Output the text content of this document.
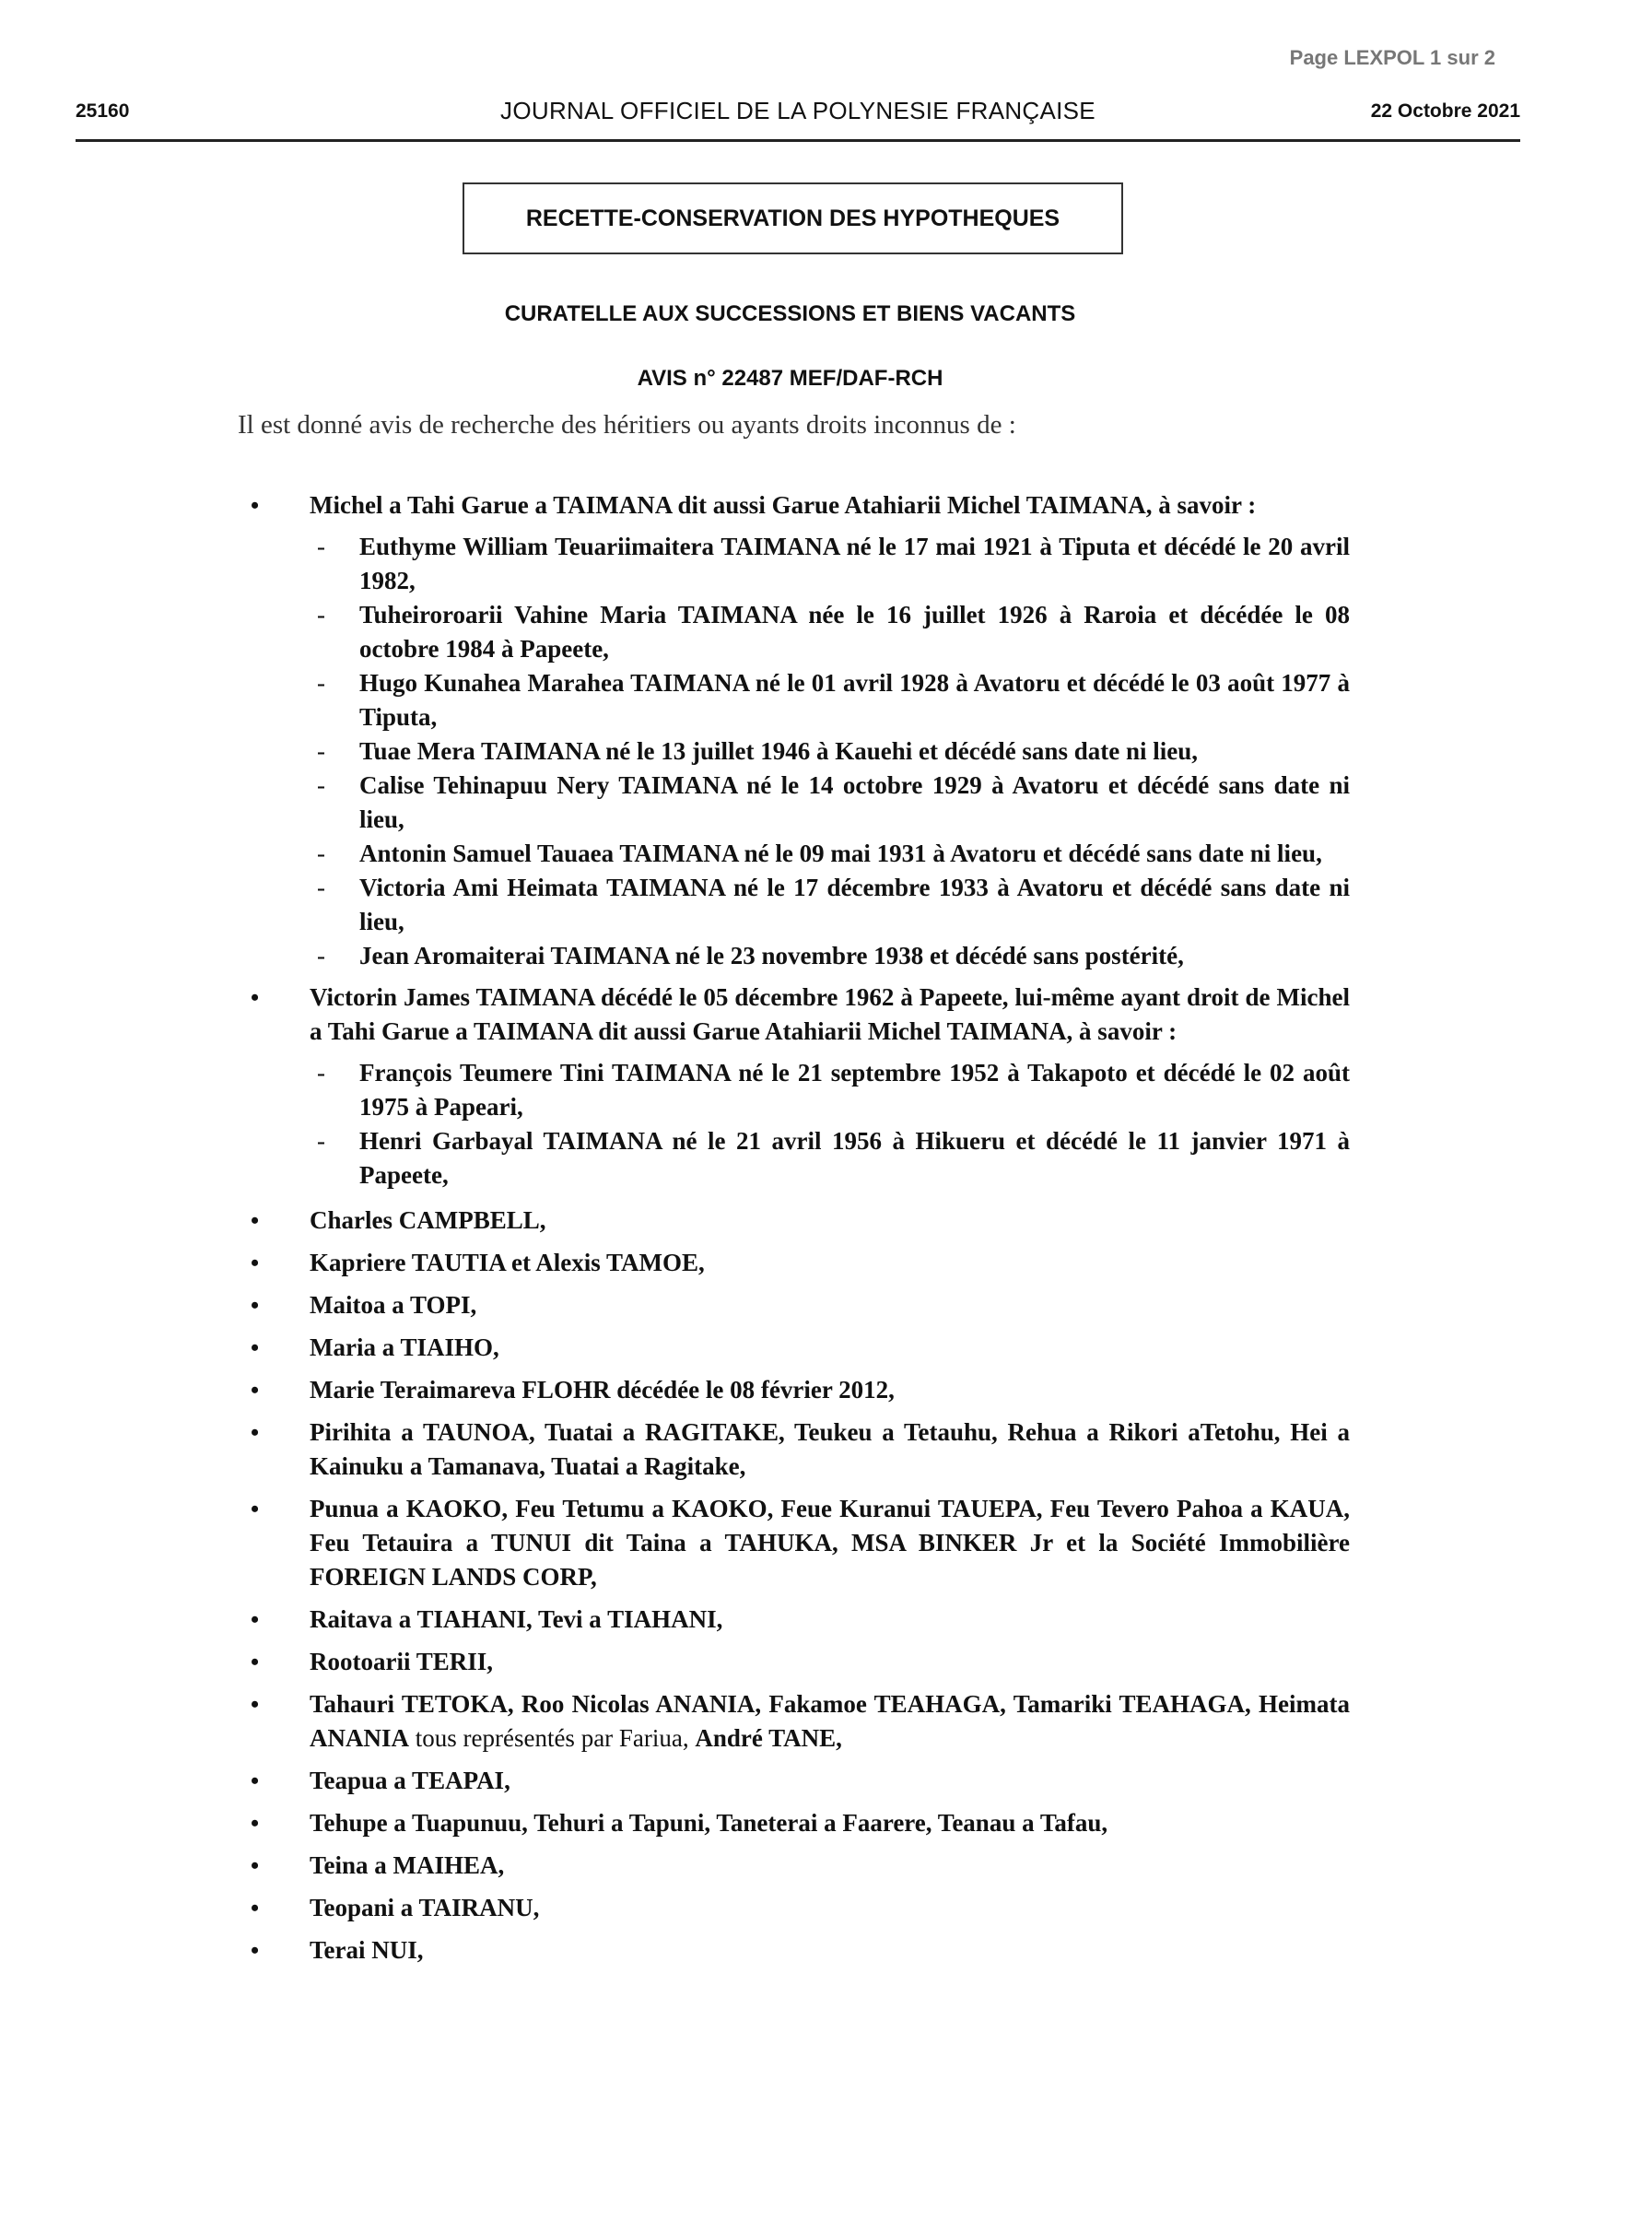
Page LEXPOL 1 sur 2
25160	JOURNAL OFFICIEL DE LA POLYNESIE FRANÇAISE	22 Octobre 2021
RECETTE-CONSERVATION DES HYPOTHEQUES
CURATELLE AUX SUCCESSIONS ET BIENS VACANTS
AVIS n° 22487 MEF/DAF-RCH
Il est donné avis de recherche des héritiers ou ayants droits inconnus de :
• Michel a Tahi Garue a TAIMANA dit aussi Garue Atahiarii Michel TAIMANA, à savoir :
- Euthyme William Teuariimaitera TAIMANA né le 17 mai 1921 à Tiputa et décédé le 20 avril 1982,
- Tuheiroroarii Vahine Maria TAIMANA née le 16 juillet 1926 à Raroia et décédée le 08 octobre 1984 à Papeete,
- Hugo Kunahea Marahea TAIMANA né le 01 avril 1928 à Avatoru et décédé le 03 août 1977 à Tiputa,
- Tuae Mera TAIMANA né le 13 juillet 1946 à Kauehi et décédé sans date ni lieu,
- Calise Tehinapuu Nery TAIMANA né le 14 octobre 1929 à Avatoru et décédé sans date ni lieu,
- Antonin Samuel Tauaea TAIMANA né le 09 mai 1931 à Avatoru et décédé sans date ni lieu,
- Victoria Ami Heimata TAIMANA né le 17 décembre 1933 à Avatoru et décédé sans date ni lieu,
- Jean Aromaiterai TAIMANA né le 23 novembre 1938 et décédé sans postérité,
• Victorin James TAIMANA décédé le 05 décembre 1962 à Papeete, lui-même ayant droit de Michel a Tahi Garue a TAIMANA dit aussi Garue Atahiarii Michel TAIMANA, à savoir :
- François Teumere Tini TAIMANA né le 21 septembre 1952 à Takapoto et décédé le 02 août 1975 à Papeari,
- Henri Garbayal TAIMANA né le 21 avril 1956 à Hikueru et décédé le 11 janvier 1971 à Papeete,
• Charles CAMPBELL,
• Kapriere TAUTIA et Alexis TAMOE,
• Maitoa a TOPI,
• Maria a TIAIHO,
• Marie Teraimareva FLOHR décédée le 08 février 2012,
• Pirihita a TAUNOA, Tuatai a RAGITAKE, Teukeu a Tetauhu, Rehua a Rikori aTetohu, Hei a Kainuku a Tamanava, Tuatai a Ragitake,
• Punua a KAOKO, Feu Tetumu a KAOKO, Feue Kuranui TAUEPA, Feu Tevero Pahoa a KAUA, Feu Tetauira a TUNUI dit Taina a TAHUKA, MSA BINKER Jr et la Société Immobilière FOREIGN LANDS CORP,
• Raitava a TIAHANI, Tevi a TIAHANI,
• Rootoarii TERII,
• Tahauri TETOKA, Roo Nicolas ANANIA, Fakamoe TEAHAGA, Tamariki TEAHAGA, Heimata ANANIA tous représentés par Fariua, André TANE,
• Teapua a TEAPAI,
• Tehupe a Tuapunuu, Tehuri a Tapuni, Taneterai a Faarere, Teanau a Tafau,
• Teina a MAIHEA,
• Teopani a TAIRANU,
• Terai NUI,
